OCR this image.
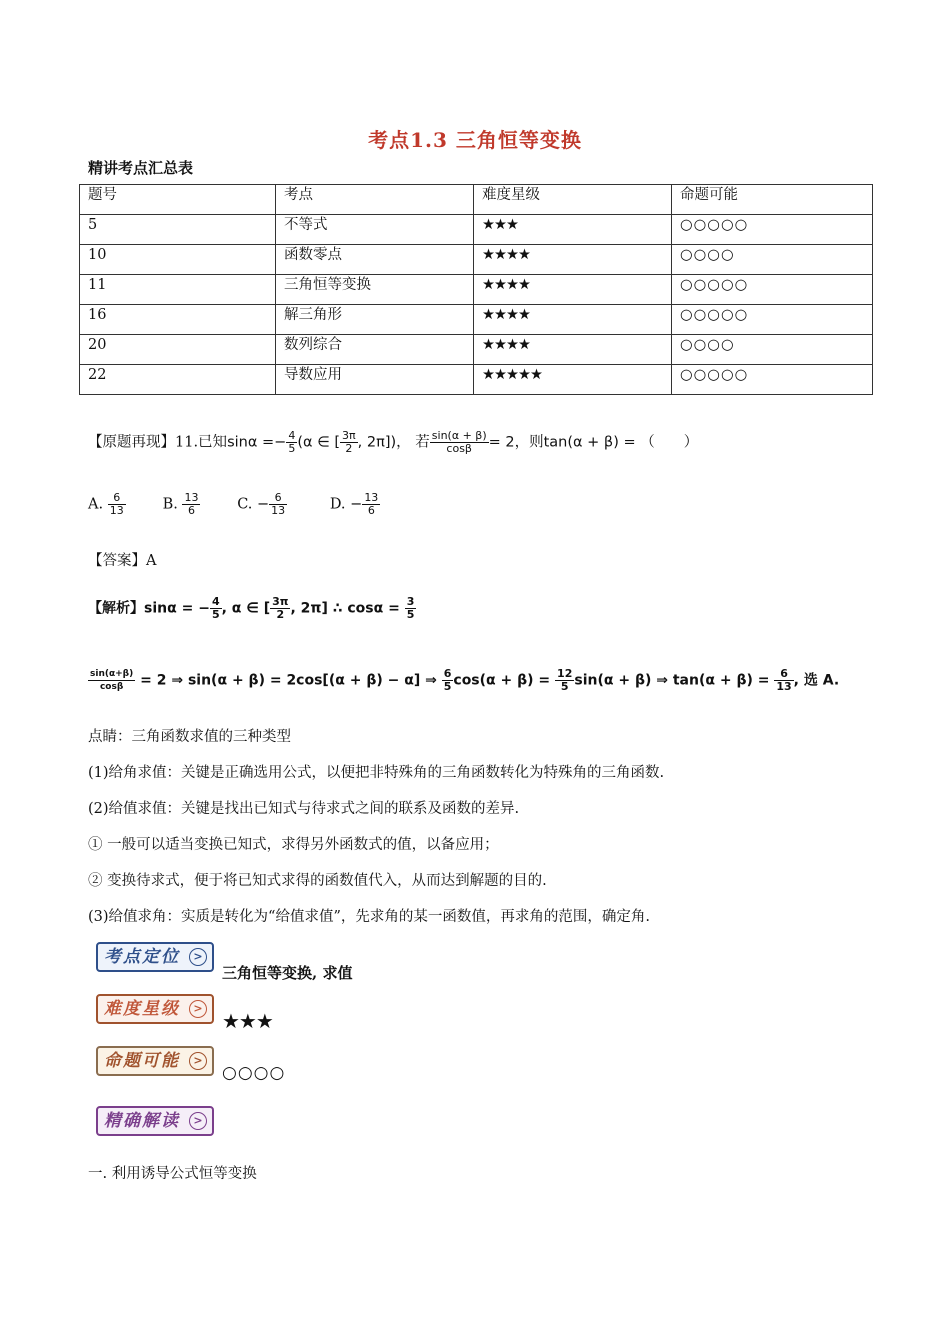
考点1.3 三角恒等变换
精讲考点汇总表
题号	考点	难度星级	命题可能
5	不等式	★★★	○○○○○
10	函数零点	★★★★	○○○○
11	三角恒等变换	★★★★	○○○○○
16	解三角形	★★★★	○○○○○
20	数列综合	★★★★	○○○○
22	导数应用	★★★★★	○○○○○
【原题再现】11.已知$\sin\alpha =- \frac{4}{5} (\alpha$ ∈ [ $\frac{3\pi}{2}$ , 2π])， 若 $\frac{\sin(\alpha + \beta)}{\cos\beta} = 2$，则tan(α + β) = （　　）
A. $\frac{6}{13}$	B. $\frac{13}{6}$	C. − $\frac{6}{13}$	D. − $\frac{13}{6}$
【答案】A
【解析】sinα = − $\frac{4}{5}$ , α ∈ [ $\frac{3\pi}{2}$ , 2π] ∴ $\cos\alpha = \frac{3}{5}$
$\frac{\sin(\alpha+\beta)}{\cos\beta} = 2$ ⇒ sin(α + β) = 2cos[(α + β) − α] ⇒ $\frac{6}{5} \cos(\alpha + \beta) = \frac{12}{5} \sin(\alpha + \beta)$ ⇒ $\tan(\alpha + \beta) = \frac{6}{13}$ , 选 A.
点睛：三角函数求值的三种类型
(1)给角求值：关键是正确选用公式，以便把非特殊角的三角函数转化为特殊角的三角函数.
(2)给值求值：关键是找出已知式与待求式之间的联系及函数的差异.
① 一般可以适当变换已知式，求得另外函数式的值，以备应用；
② 变换待求式，便于将已知式求得的函数值代入，从而达到解题的目的.
(3)给值求角：实质是转化为“给值求值”，先求角的某一函数值，再求角的范围，确定角.
考点定位	>
三角恒等变换, 求值
难度星级	>
★★★
命题可能	>
○○○○
精确解读	>
一. 利用诱导公式恒等变换
